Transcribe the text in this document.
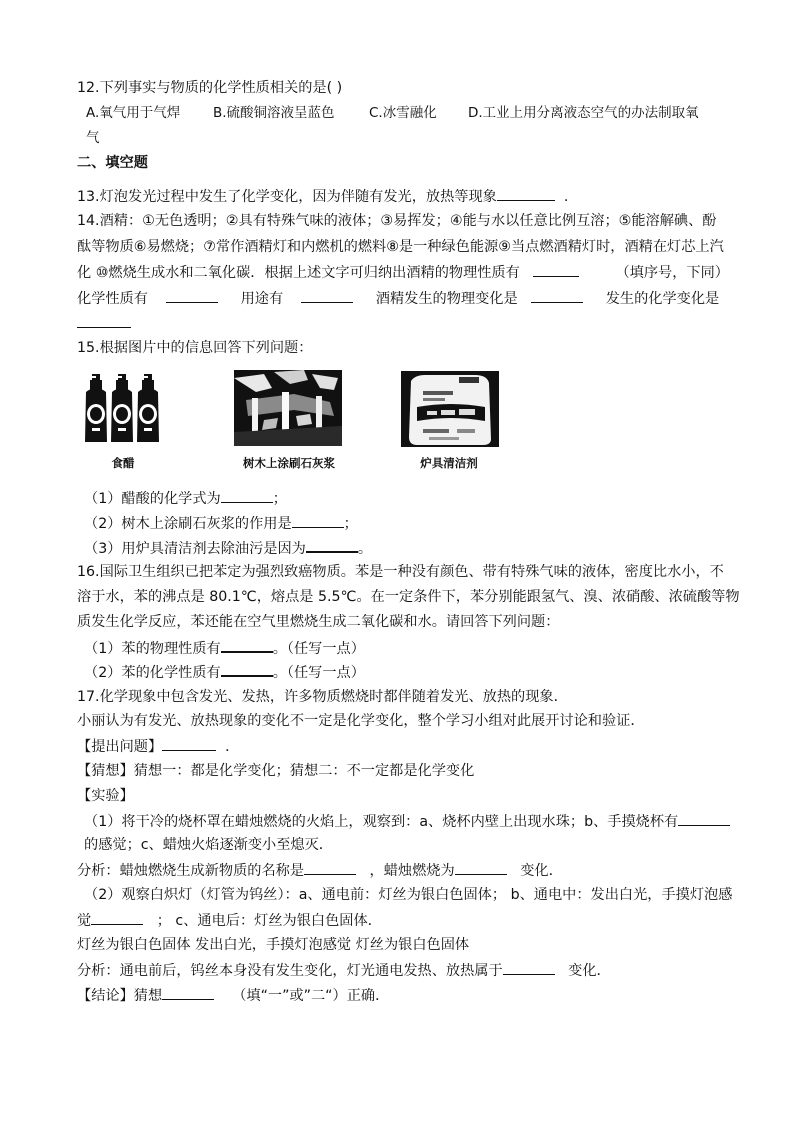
12.下列事实与物质的化学性质相关的是( )
A.氧气用于气焊 B.硫酸铜溶液呈蓝色	C.冰雪融化 D.工业上用分离液态空气的办法制取氧
气
二、填空题
13.灯泡发光过程中发生了化学变化，因为伴随有发光，放热等现象	.
14.酒精：①无色透明；②具有特殊气味的液体；③易挥发；④能与水以任意比例互溶；⑤能溶解碘、酚
酞等物质⑥易燃烧；⑦常作酒精灯和内燃机的燃料⑧是一种绿色能源⑨当点燃酒精灯时，酒精在灯芯上汽
化 ⑩燃烧生成水和二氧化碳．根据上述文字可归纳出酒精的物理性质有	（填序号，下同）
化学性质有	用途有	酒精发生的物理变化是	发生的化学变化是
15.根据图片中的信息回答下列问题：
食醋	树木上涂刷石灰浆	炉具清洁剂
（1）醋酸的化学式为	；
（2）树木上涂刷石灰浆的作用是	；
（3）用炉具清洁剂去除油污是因为	。
16.国际卫生组织已把苯定为强烈致癌物质。苯是一种没有颜色、带有特殊气味的液体，密度比水小，不
溶于水，苯的沸点是 80.1℃，熔点是 5.5℃。在一定条件下，苯分别能跟氢气、溴、浓硝酸、浓硫酸等物
质发生化学反应，苯还能在空气里燃烧生成二氧化碳和水。请回答下列问题：
（1）苯的物理性质有	。（任写一点）
（2）苯的化学性质有	。（任写一点）
17.化学现象中包含发光、发热，许多物质燃烧时都伴随着发光、放热的现象．
小丽认为有发光、放热现象的变化不一定是化学变化，整个学习小组对此展开讨论和验证．
【提出问题】	．
【猜想】猜想一：都是化学变化；猜想二：不一定都是化学变化
【实验】
（1）将干冷的烧杯罩在蜡烛燃烧的火焰上，观察到：a、烧杯内壁上出现水珠；b、手摸烧杯有
的感觉；c、蜡烛火焰逐渐变小至熄灭．
分析：蜡烛燃烧生成新物质的名称是	，蜡烛燃烧为	变化．
（2）观察白炽灯（灯管为钨丝）：a、通电前：灯丝为银白色固体； b、通电中：发出白光，手摸灯泡感
觉	； c、通电后：灯丝为银白色固体．
灯丝为银白色固体 发出白光，手摸灯泡感觉 灯丝为银白色固体
分析：通电前后，钨丝本身没有发生变化，灯光通电发热、放热属于	变化．
【结论】猜想	（填“一”或”二“）正确．
